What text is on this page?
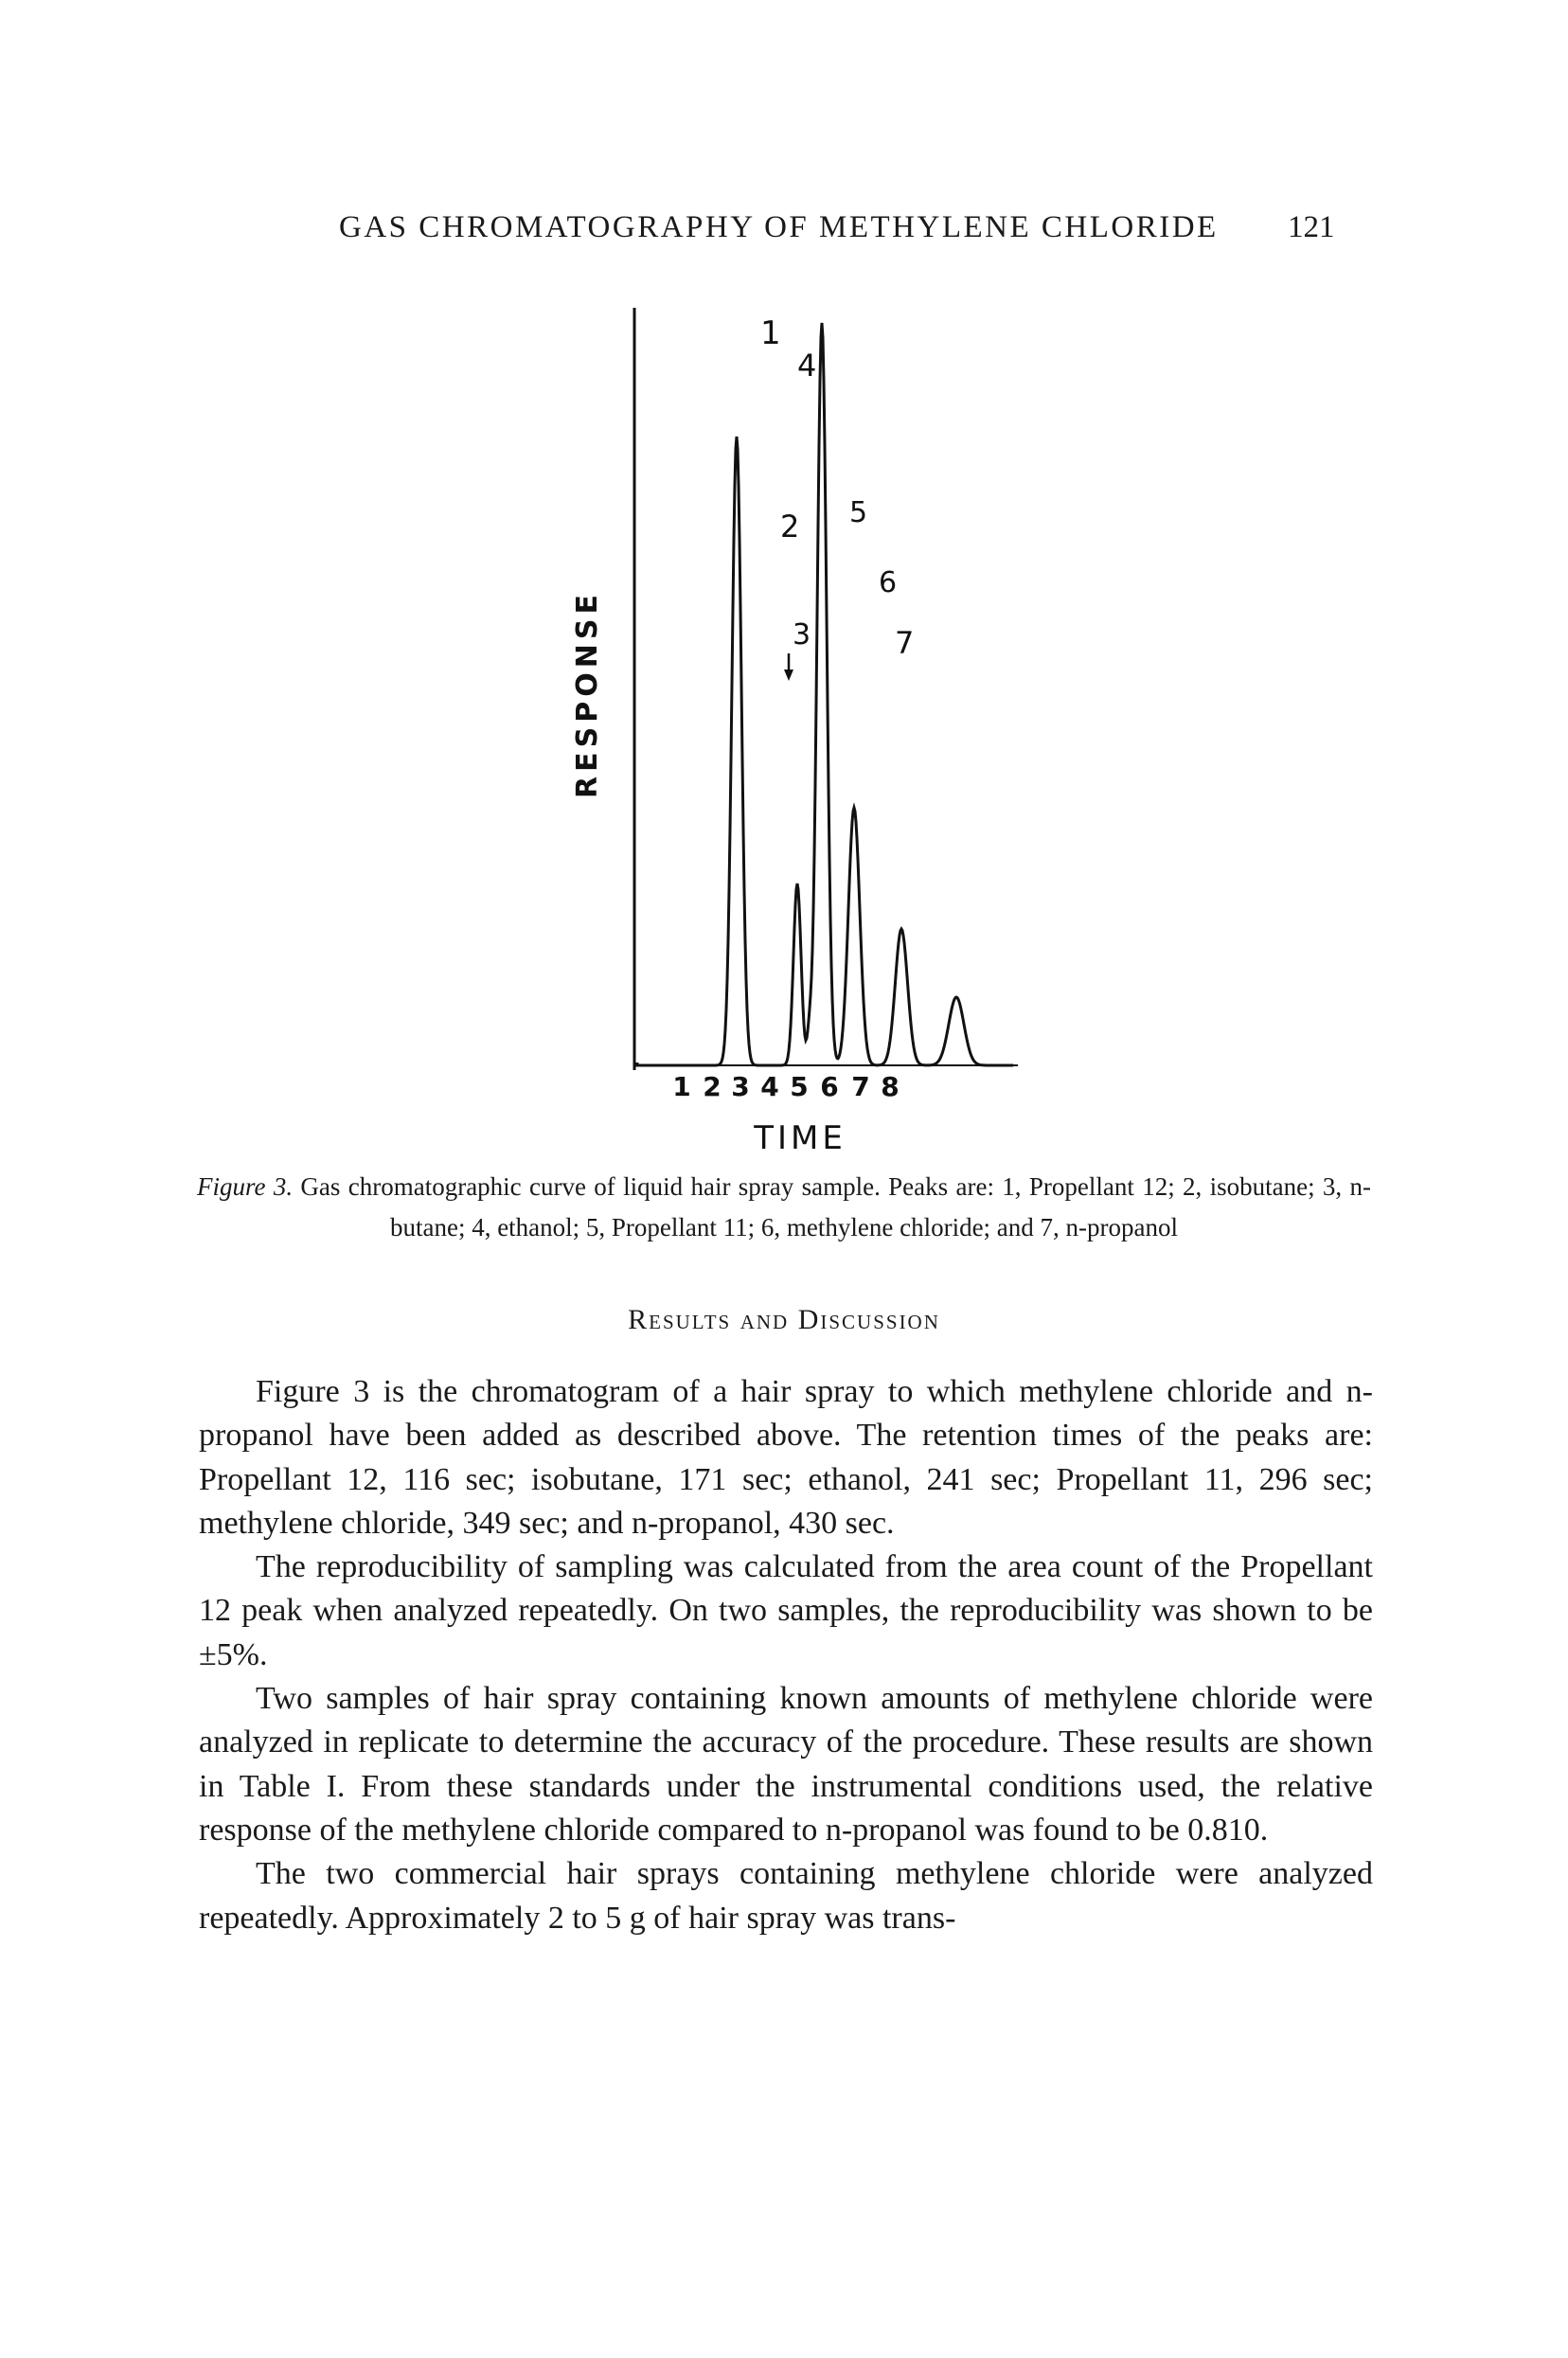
GAS CHROMATOGRAPHY OF METHYLENE CHLORIDE 121
RESPONSE
1
2
3
4
5
6
7
1 2 3 4 5 6 7 8
TIME
Figure 3. Gas chromatographic curve of liquid hair spray sample. Peaks are: 1, Propellant 12; 2, isobutane; 3, n-butane; 4, ethanol; 5, Propellant 11; 6, methylene chloride; and 7, n-propanol
Results and Discussion

Figure 3 is the chromatogram of a hair spray to which methylene chloride and n-propanol have been added as described above. The retention times of the peaks are: Propellant 12, 116 sec; isobutane, 171 sec; ethanol, 241 sec; Propellant 11, 296 sec; methylene chloride, 349 sec; and n-propanol, 430 sec.

The reproducibility of sampling was calculated from the area count of the Propellant 12 peak when analyzed repeatedly. On two samples, the reproducibility was shown to be ±5%.

Two samples of hair spray containing known amounts of methylene chloride were analyzed in replicate to determine the accuracy of the procedure. These results are shown in Table I. From these standards under the instrumental conditions used, the relative response of the methylene chloride compared to n-propanol was found to be 0.810.

The two commercial hair sprays containing methylene chloride were analyzed repeatedly. Approximately 2 to 5 g of hair spray was trans-
